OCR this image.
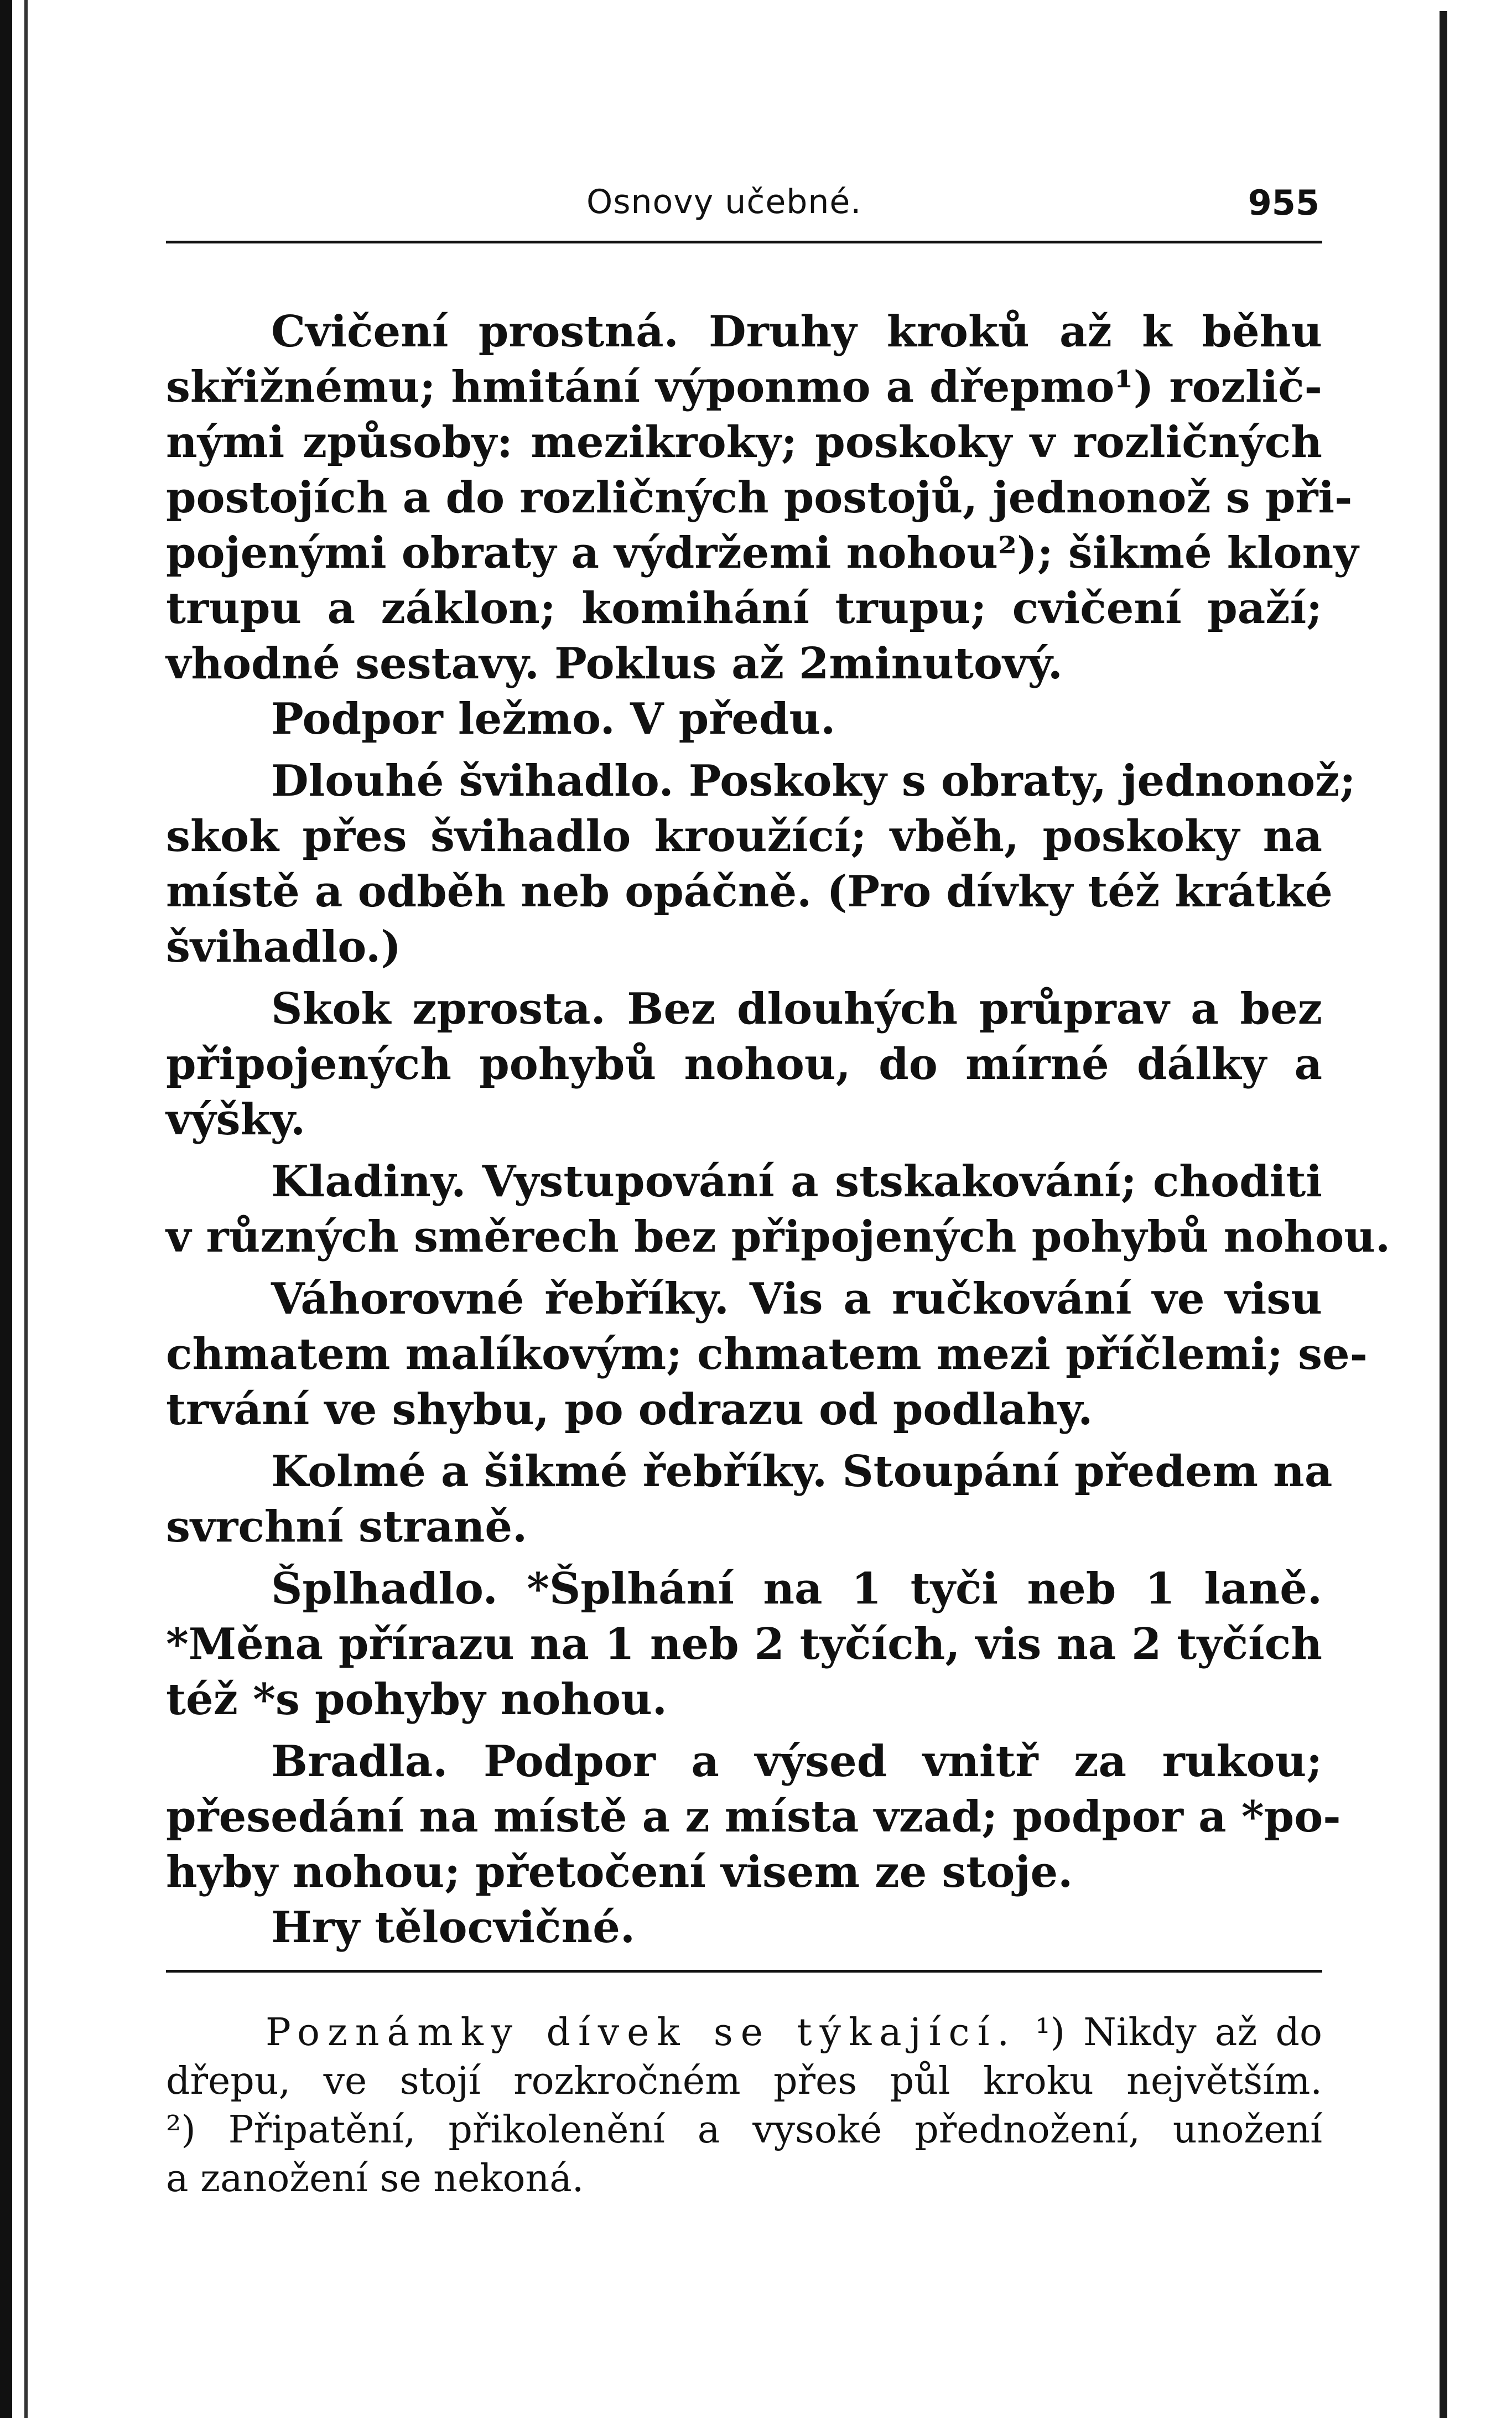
Osnovy učebné.	955
Cvičení prostná. Druhy kroků až k běhu
skřižnému; hmitání výponmo a dřepmo¹) rozlič-
nými způsoby: mezikroky; poskoky v rozličných
postojích a do rozličných postojů, jednonož s při-
pojenými obraty a výdržemi nohou²); šikmé klony
trupu a záklon; komihání trupu; cvičení paží;
vhodné sestavy. Poklus až 2minutový.
Podpor ležmo. V předu.
Dlouhé švihadlo. Poskoky s obraty, jednonož;
skok přes švihadlo kroužící; vběh, poskoky na
místě a odběh neb opáčně. (Pro dívky též krátké
švihadlo.)
Skok zprosta. Bez dlouhých průprav a bez
připojených pohybů nohou, do mírné dálky a
výšky.
Kladiny. Vystupování a stskakování; choditi
v různých směrech bez připojených pohybů nohou.
Váhorovné řebříky. Vis a ručkování ve visu
chmatem malíkovým; chmatem mezi příčlemi; se-
trvání ve shybu, po odrazu od podlahy.
Kolmé a šikmé řebříky. Stoupání předem na
svrchní straně.
Šplhadlo. *Šplhání na 1 tyči neb 1 laně.
*Měna přírazu na 1 neb 2 tyčích, vis na 2 tyčích
též *s pohyby nohou.
Bradla. Podpor a výsed vnitř za rukou;
přesedání na místě a z místa vzad; podpor a *po-
hyby nohou; přetočení visem ze stoje.
Hry tělocvičné.
Poznámky dívek se týkající. ¹) Nikdy až do
dřepu, ve stojí rozkročném přes půl kroku největším.
²) Připatění, přikolenění a vysoké přednožení, unožení
a zanožení se nekoná.
